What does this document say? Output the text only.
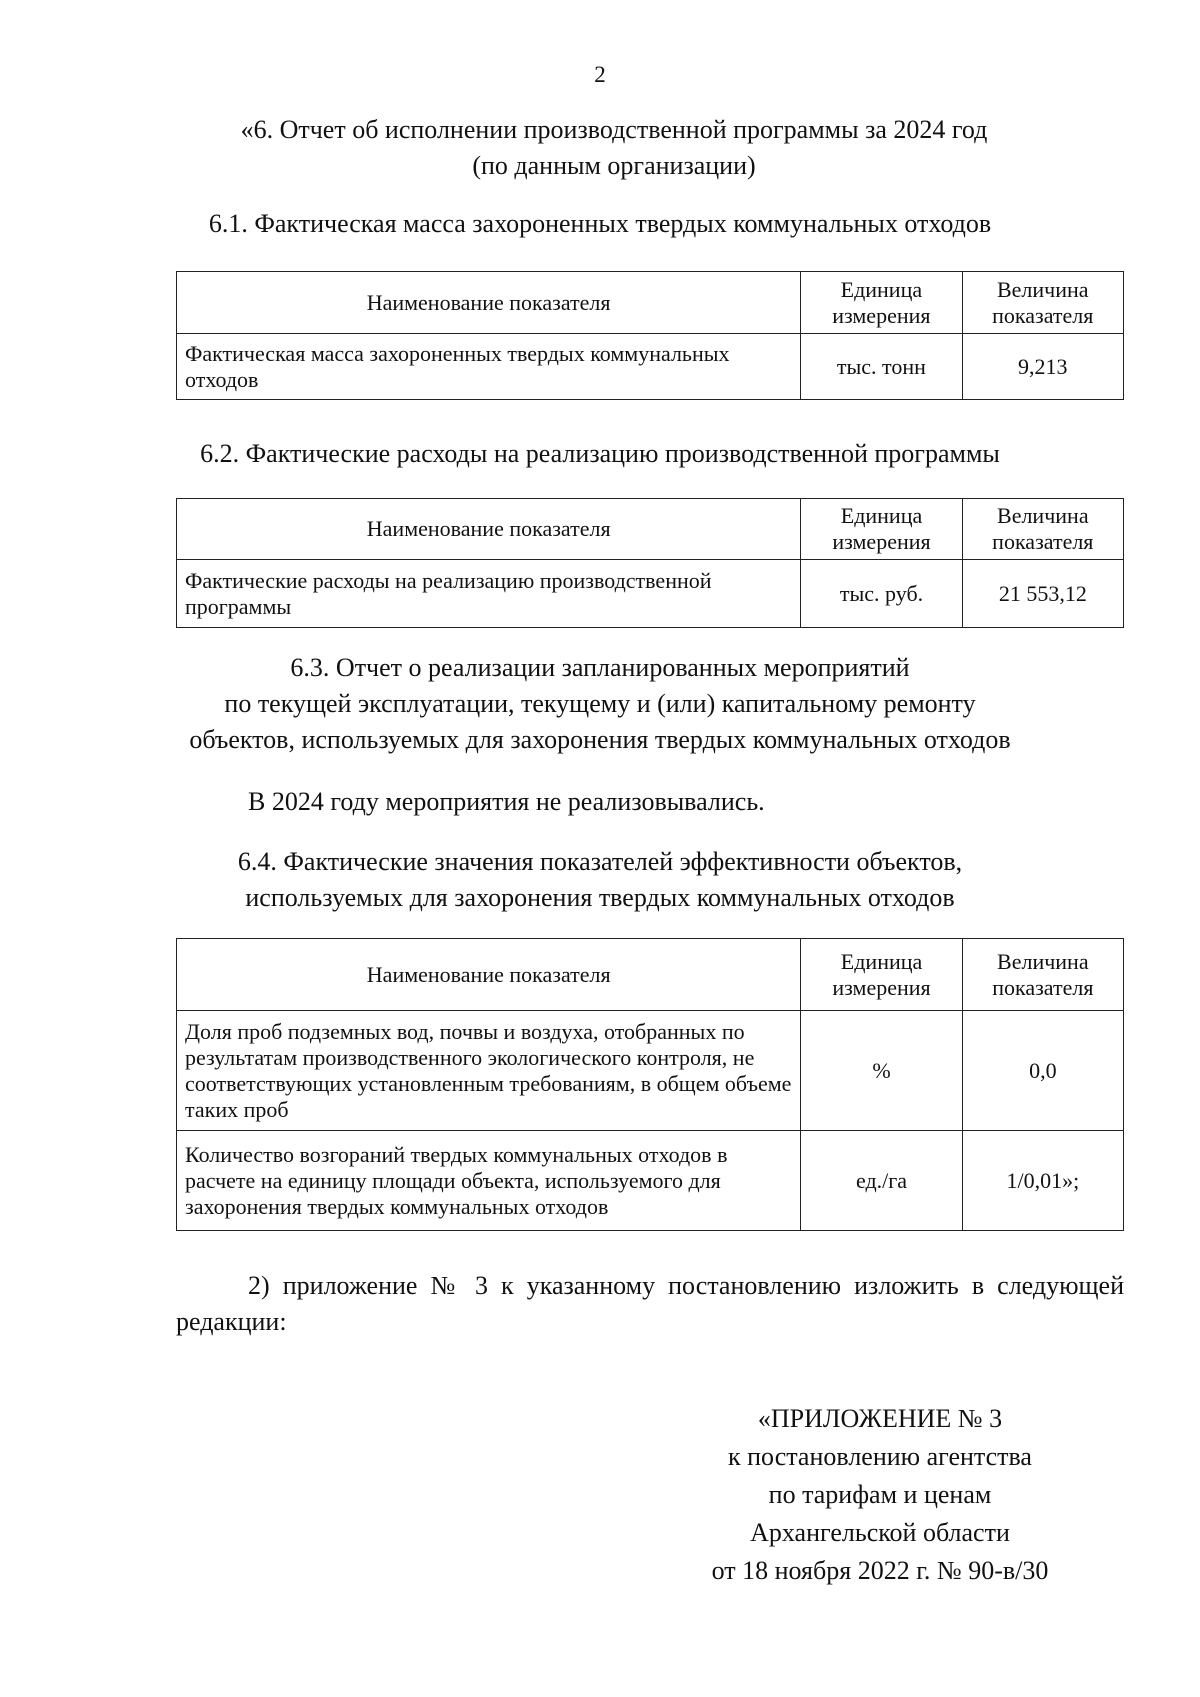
2
«6. Отчет об исполнении производственной программы за 2024 год
(по данным организации)
6.1. Фактическая масса захороненных твердых коммунальных отходов
Наименование показателя	Единица измерения	Величина показателя
Фактическая масса захороненных твердых коммунальных отходов	тыс. тонн	9,213
6.2. Фактические расходы на реализацию производственной программы
Наименование показателя	Единица измерения	Величина показателя
Фактические расходы на реализацию производственной программы	тыс. руб.	21 553,12
6.3. Отчет о реализации запланированных мероприятий
по текущей эксплуатации, текущему и (или) капитальному ремонту
объектов, используемых для захоронения твердых коммунальных отходов
В 2024 году мероприятия не реализовывались.
6.4. Фактические значения показателей эффективности объектов,
используемых для захоронения твердых коммунальных отходов
Наименование показателя	Единица измерения	Величина показателя
Доля проб подземных вод, почвы и воздуха, отобранных по результатам производственного экологического контроля, не соответствующих установленным требованиям, в общем объеме таких проб	%	0,0
Количество возгораний твердых коммунальных отходов в расчете на единицу площади объекта, используемого для захоронения твердых коммунальных отходов	ед./га	1/0,01»;
2) приложение № 3 к указанному постановлению изложить в следующей редакции:
«ПРИЛОЖЕНИЕ № 3
к постановлению агентства
по тарифам и ценам
Архангельской области
от 18 ноября 2022 г. № 90-в/30
